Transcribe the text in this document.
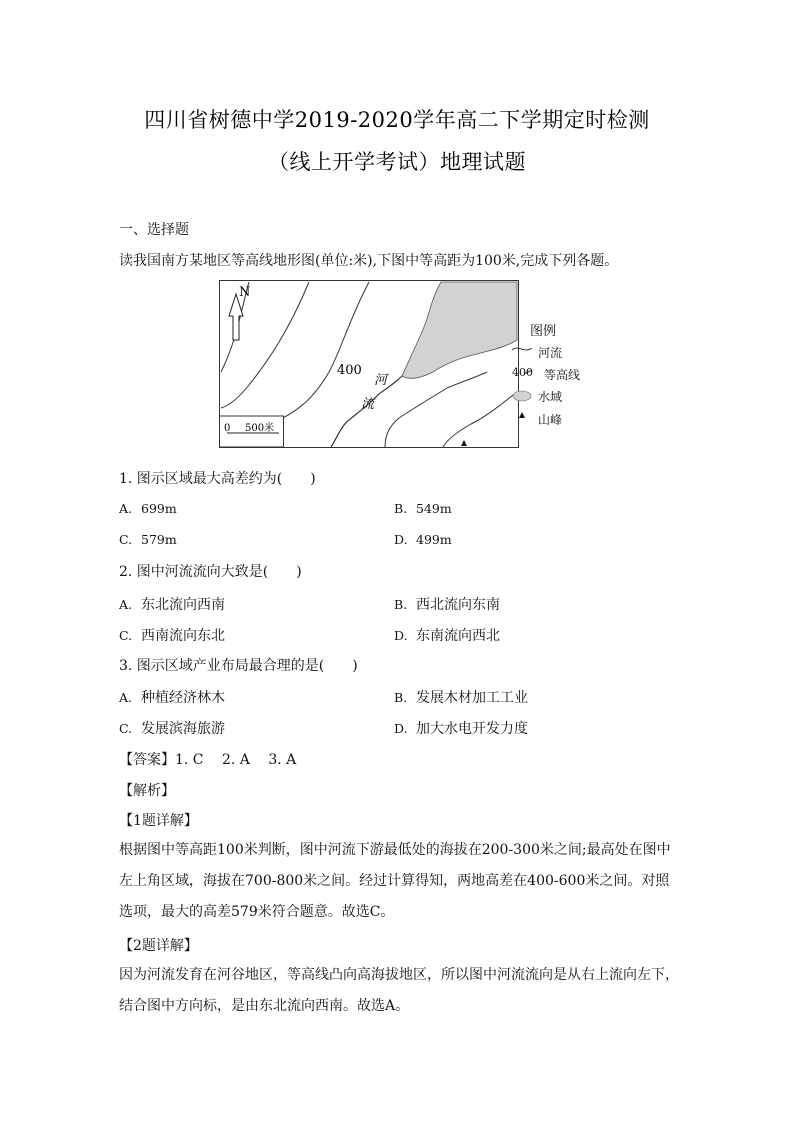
四川省树德中学2019-2020学年高二下学期定时检测
（线上开学考试）地理试题
一、选择题
读我国南方某地区等高线地形图(单位:米),下图中等高距为100米,完成下列各题。
N
400
河
流
0 500米
图例
河流
400 等高线
水域
山峰
1. 图示区域最大高差约为(　　)
A. 699m	B. 549m
C. 579m	D. 499m
2. 图中河流流向大致是(　　)
A. 东北流向西南	B. 西北流向东南
C. 西南流向东北	D. 东南流向西北
3. 图示区域产业布局最合理的是(　　)
A. 种植经济林木	B. 发展木材加工工业
C. 发展滨海旅游	D. 加大水电开发力度
【答案】1. C　 2. A　 3. A
【解析】
【1题详解】
根据图中等高距100米判断，图中河流下游最低处的海拔在200-300米之间;最高处在图中左上角区域，海拔在700-800米之间。经过计算得知，两地高差在400-600米之间。对照选项，最大的高差579米符合题意。故选C。
【2题详解】
因为河流发育在河谷地区，等高线凸向高海拔地区，所以图中河流流向是从右上流向左下，结合图中方向标，是由东北流向西南。故选A。
